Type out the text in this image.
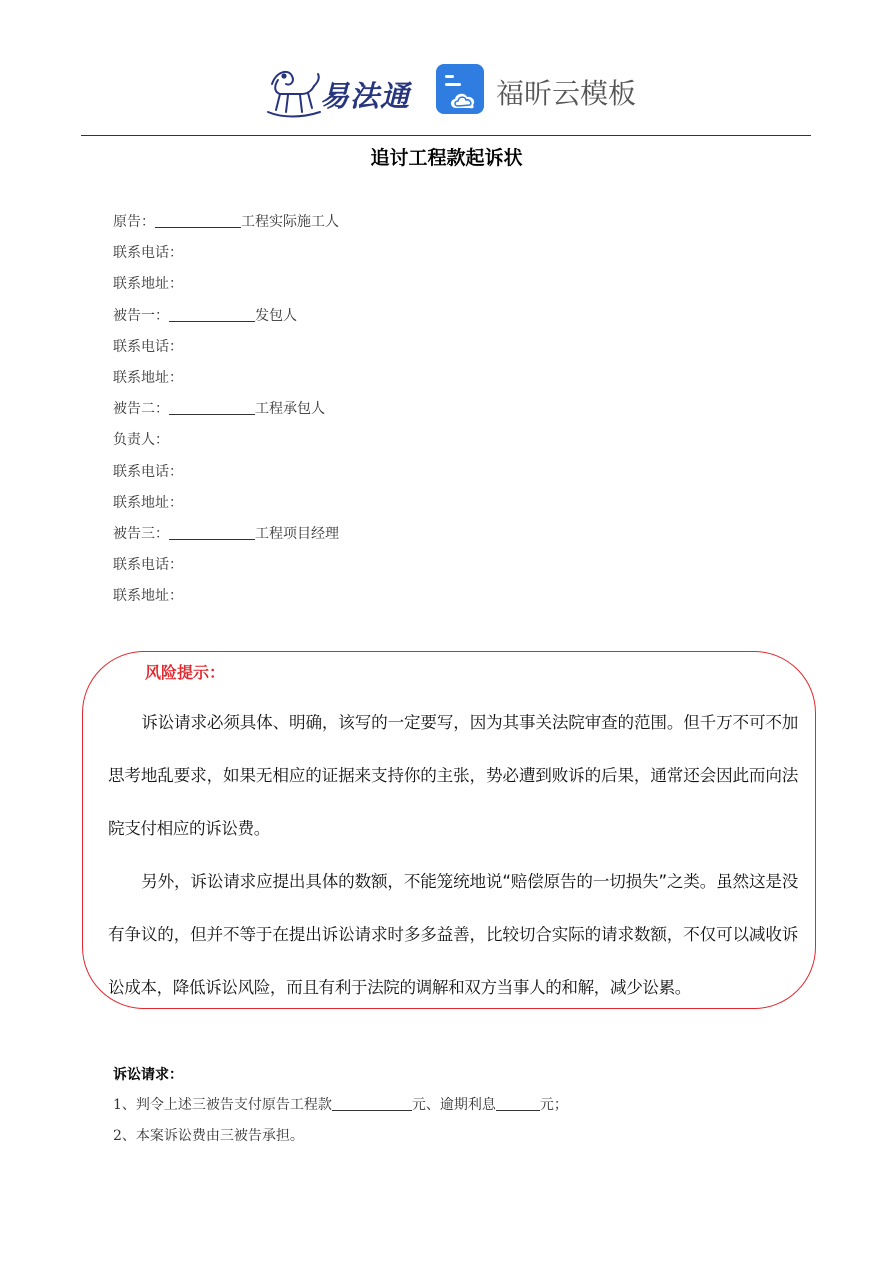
易法通	福昕云模板
追讨工程款起诉状
原告：	工程实际施工人
联系电话：
联系地址：
被告一：	发包人
联系电话：
联系地址：
被告二：	工程承包人
负责人：
联系电话：
联系地址：
被告三：	工程项目经理
联系电话：
联系地址：
风险提示：

诉讼请求必须具体、明确，该写的一定要写，因为其事关法院审查的范围。但千万不可不加思考地乱要求，如果无相应的证据来支持你的主张，势必遭到败诉的后果，通常还会因此而向法院支付相应的诉讼费。

另外，诉讼请求应提出具体的数额，不能笼统地说“赔偿原告的一切损失”之类。虽然这是没有争议的，但并不等于在提出诉讼请求时多多益善，比较切合实际的请求数额，不仅可以减收诉讼成本，降低诉讼风险，而且有利于法院的调解和双方当事人的和解，减少讼累。

诉讼请求：
1、判令上述三被告支付原告工程款	元、逾期利息	元；
2、本案诉讼费由三被告承担。
